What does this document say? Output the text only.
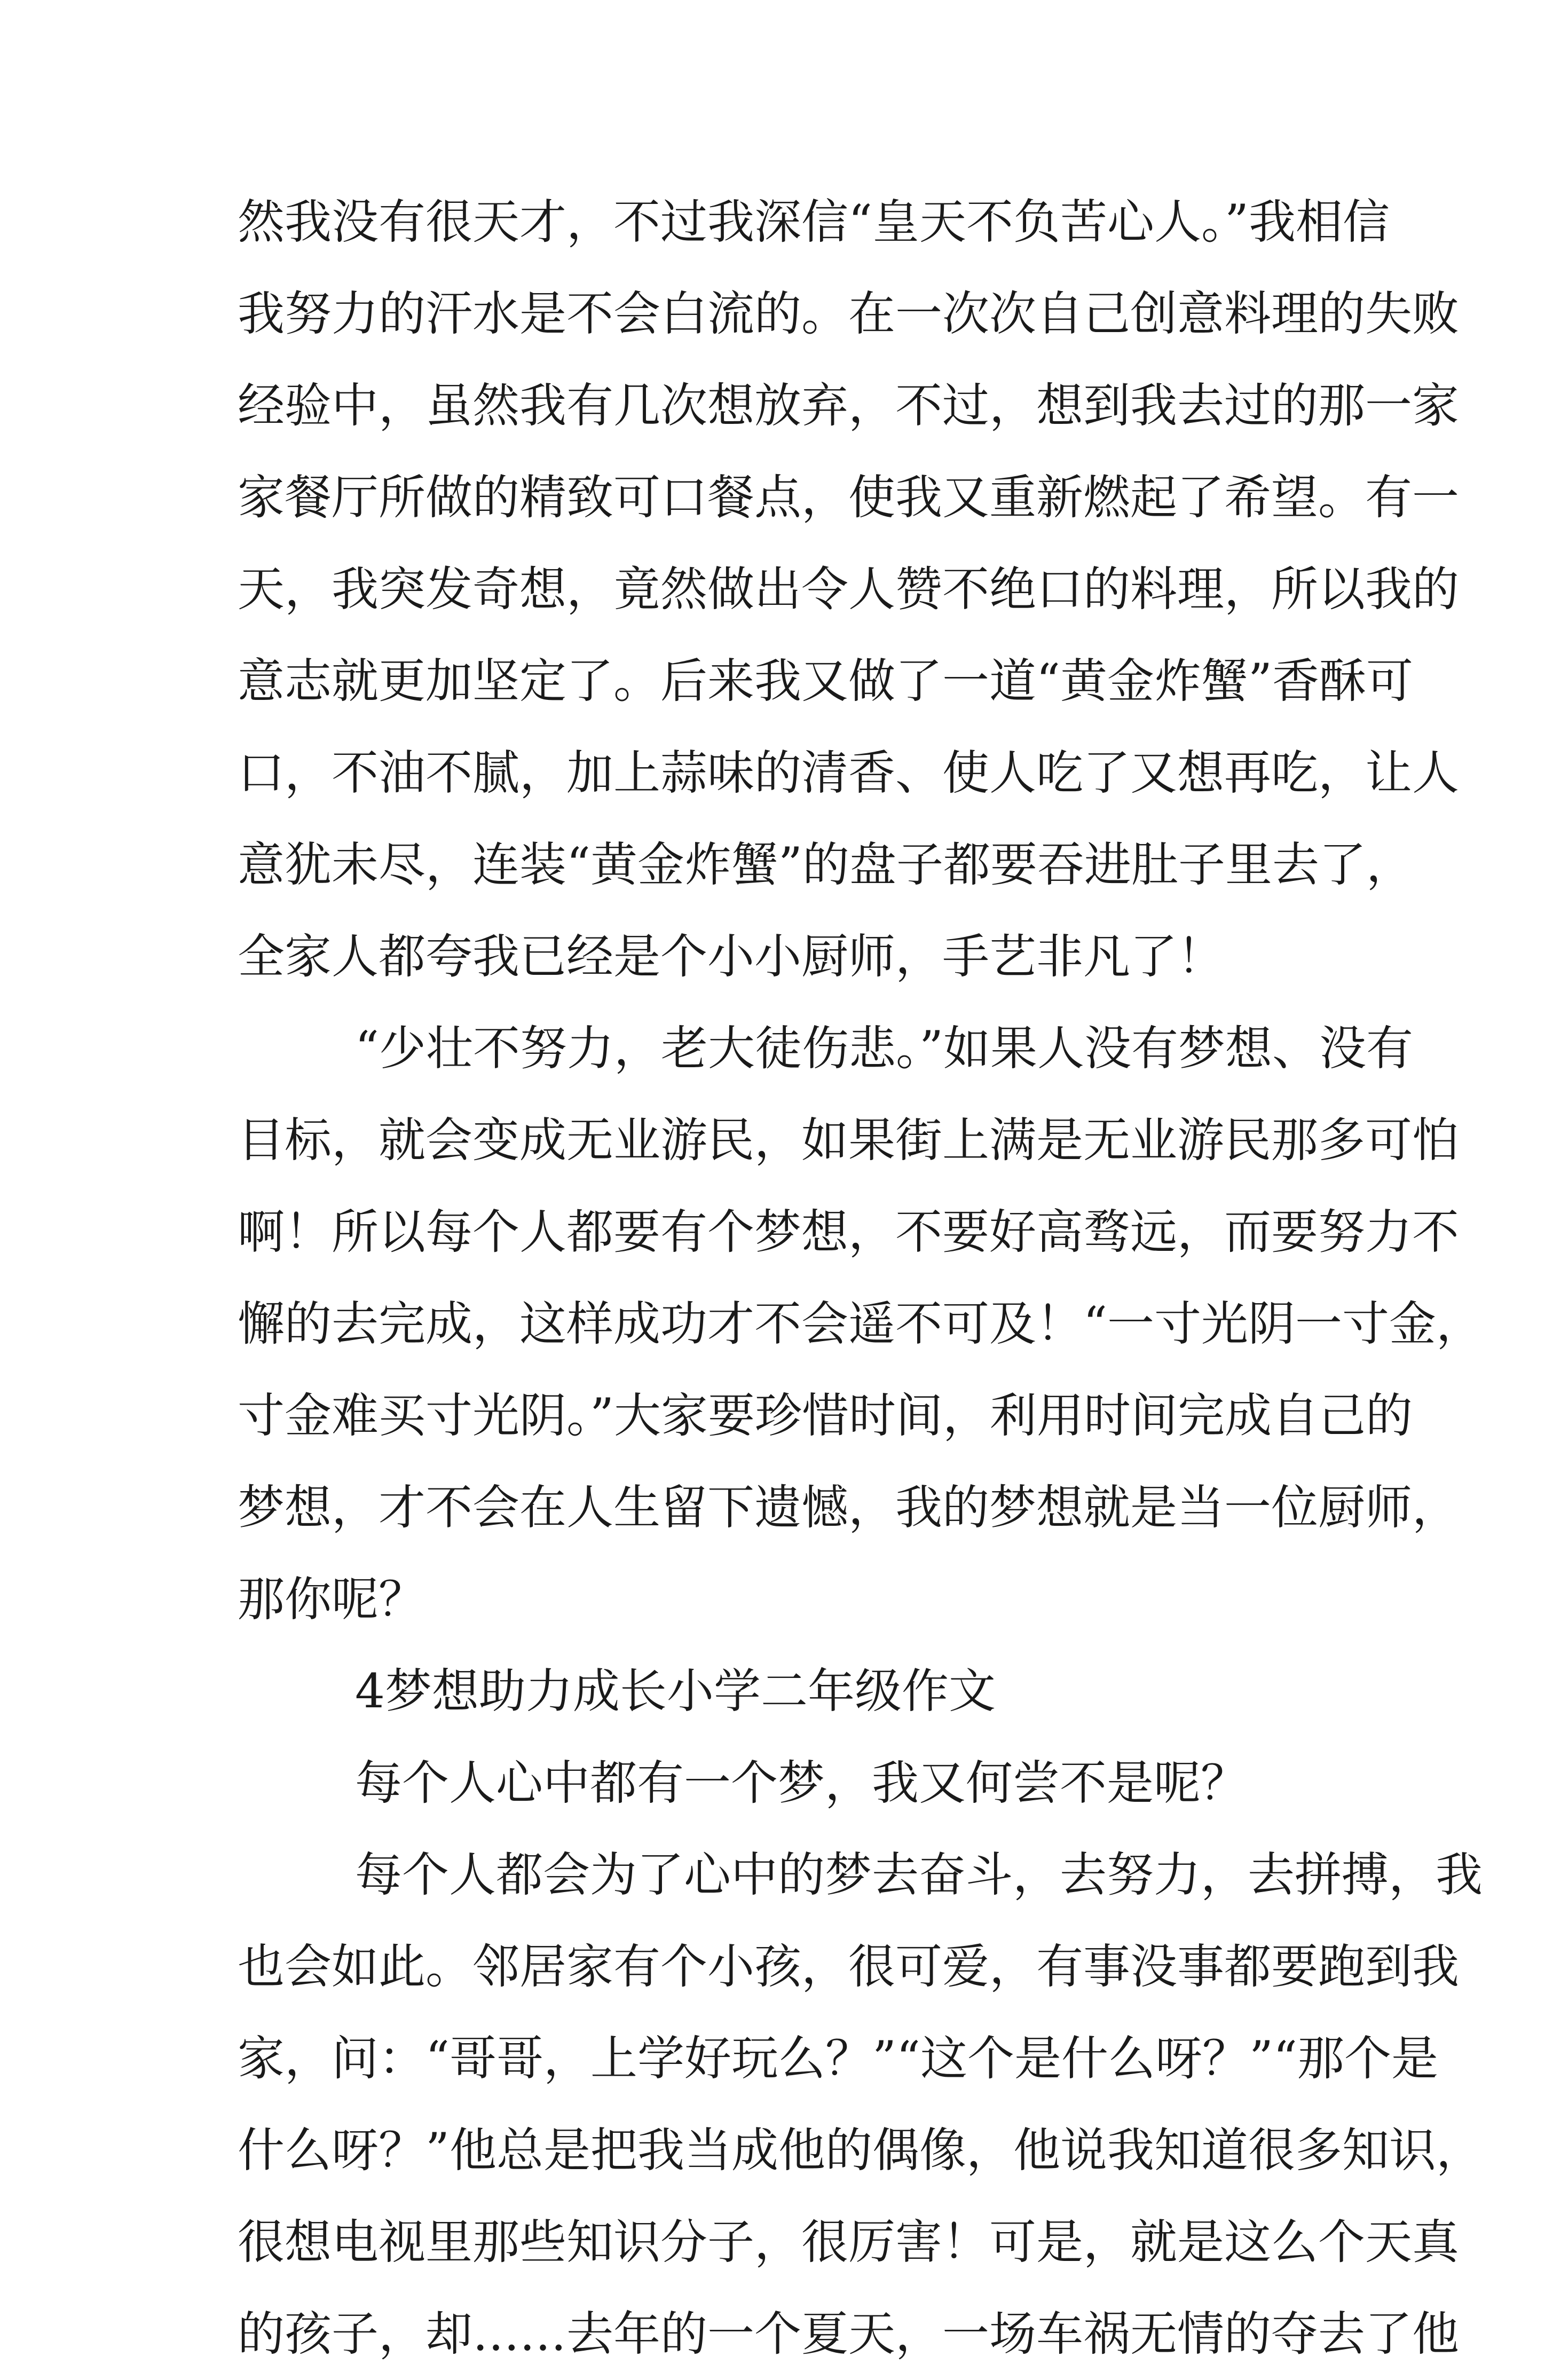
然我没有很天才，不过我深信“皇天不负苦心人。”我相信
我努力的汗水是不会白流的。在一次次自己创意料理的失败
经验中，虽然我有几次想放弃，不过，想到我去过的那一家
家餐厅所做的精致可口餐点，使我又重新燃起了希望。有一
天，我突发奇想，竟然做出令人赞不绝口的料理，所以我的
意志就更加坚定了。后来我又做了一道“黄金炸蟹”香酥可
口，不油不腻，加上蒜味的清香、使人吃了又想再吃，让人
意犹未尽，连装“黄金炸蟹”的盘子都要吞进肚子里去了，
全家人都夸我已经是个小小厨师，手艺非凡了！
“少壮不努力，老大徒伤悲。”如果人没有梦想、没有
目标，就会变成无业游民，如果街上满是无业游民那多可怕
啊！所以每个人都要有个梦想，不要好高骛远，而要努力不
懈的去完成，这样成功才不会遥不可及！“一寸光阴一寸金，
寸金难买寸光阴。”大家要珍惜时间，利用时间完成自己的
梦想，才不会在人生留下遗憾，我的梦想就是当一位厨师，
那你呢？
4梦想助力成长小学二年级作文
每个人心中都有一个梦，我又何尝不是呢？
每个人都会为了心中的梦去奋斗，去努力，去拼搏，我
也会如此。邻居家有个小孩，很可爱，有事没事都要跑到我
家，问：“哥哥，上学好玩么？”“这个是什么呀？”“那个是
什么呀？”他总是把我当成他的偶像，他说我知道很多知识，
很想电视里那些知识分子，很厉害！可是，就是这么个天真
的孩子，却……去年的一个夏天，一场车祸无情的夺去了他
